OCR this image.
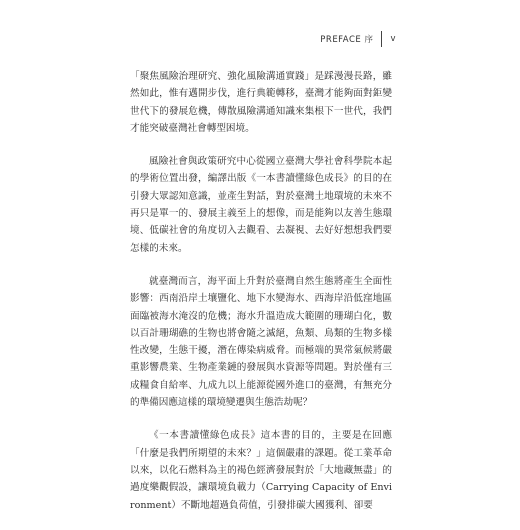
PREFACE 序 v

「聚焦風險治理研究、強化風險溝通實踐」是踩漫漫長路，雖然如此，惟有邁開步伐，進行典範轉移，臺灣才能夠面對鉅變世代下的發展危機，傳散風險溝通知識來集根下一世代，我們才能突破臺灣社會轉型困境。

風險社會與政策研究中心從國立臺灣大學社會科學院本起的學術位置出發，編譯出版《一本書讀懂綠色成長》的目的在引發大眾認知意識，並產生對話，對於臺灣土地環境的未來不再只是單一的、發展主義至上的想像，而是能夠以友善生態環境、低碳社會的角度切入去觀看、去凝視、去好好想想我們要怎樣的未來。

就臺灣而言，海平面上升對於臺灣自然生態將產生全面性影響：西南沿岸土壤鹽化、地下水變海水、西海岸沿低窪地區面臨被海水淹沒的危機；海水升溫造成大範圍的珊瑚白化，數以百計珊瑚礁的生物也將會隨之滅絕，魚類、鳥類的生物多樣性改變，生態干擾，潛在傳染病威脅。而極端的異常氣候將嚴重影響農業、生物產業鏈的發展與水資源等問題。對於僅有三成糧食自給率、九成九以上能源從國外進口的臺灣，有無充分的準備因應這樣的環境變遷與生態浩劫呢？

《一本書讀懂綠色成長》這本書的目的，主要是在回應「什麼是我們所期望的未來？」這個嚴肅的課題。從工業革命以來，以化石燃料為主的褐色經濟發展對於「大地藏無盡」的過度樂觀假設，讓環境負載力（Carrying Capacity of Environment）不斷地超過負荷值，引發排碳大國獲利、卻要
